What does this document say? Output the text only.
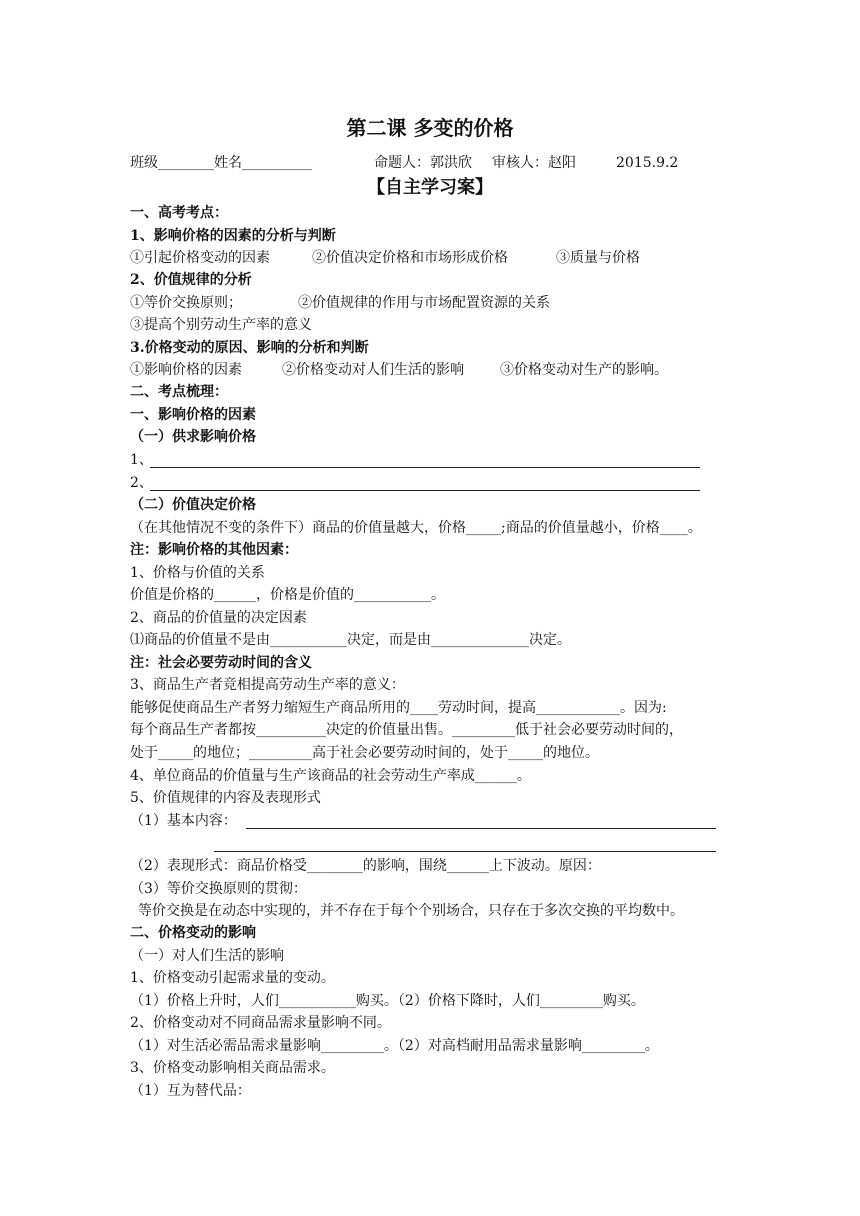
第二课 多变的价格
班级________姓名__________	命题人：郭洪欣 审核人：赵阳	2015.9.2
【自主学习案】
一、高考考点：
1、影响价格的因素的分析与判断
①引起价格变动的因素	②价值决定价格和市场形成价格	③质量与价格
2、价值规律的分析
①等价交换原则；	②价值规律的作用与市场配置资源的关系
③提高个别劳动生产率的意义
3.价格变动的原因、影响的分析和判断
①影响价格的因素	②价格变动对人们生活的影响	③价格变动对生产的影响。
二、考点梳理：
一、影响价格的因素
（一）供求影响价格
1、
2、
（二）价值决定价格
（在其他情况不变的条件下）商品的价值量越大，价格_____;商品的价值量越小，价格____。
注：影响价格的其他因素：
1、价格与价值的关系
价值是价格的______，价格是价值的___________。
2、商品的价值量的决定因素
⑴商品的价值量不是由___________决定，而是由______________决定。
注：社会必要劳动时间的含义
3、商品生产者竞相提高劳动生产率的意义：
能够促使商品生产者努力缩短生产商品所用的____劳动时间，提高____________。因为:
每个商品生产者都按__________决定的价值量出售。_________低于社会必要劳动时间的，
处于_____的地位；_________高于社会必要劳动时间的，处于_____的地位。
4、单位商品的价值量与生产该商品的社会劳动生产率成______。
5、价值规律的内容及表现形式
（1）基本内容：
（2）表现形式：商品价格受________的影响，围绕______上下波动。原因：
（3）等价交换原则的贯彻：
等价交换是在动态中实现的，并不存在于每个个别场合，只存在于多次交换的平均数中。
二、价格变动的影响
（一）对人们生活的影响
1、价格变动引起需求量的变动。
（1）价格上升时，人们___________购买。（2）价格下降时，人们_________购买。
2、价格变动对不同商品需求量影响不同。
（1）对生活必需品需求量影响_________。（2）对高档耐用品需求量影响_________。
3、价格变动影响相关商品需求。
（1）互为替代品：
